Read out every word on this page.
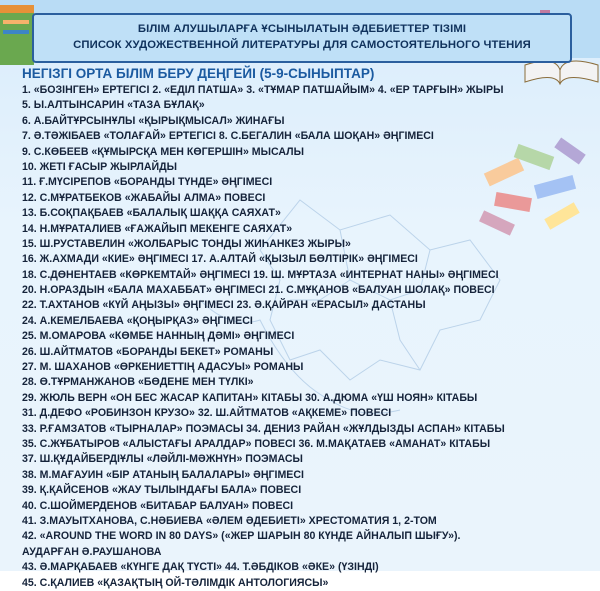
БІЛІМ АЛУШЫЛАРҒА ҰСЫНЫЛАТЫН ӘДЕБИЕТТЕР ТІЗІМІ
СПИСОК ХУДОЖЕСТВЕННОЙ ЛИТЕРАТУРЫ ДЛЯ САМОСТОЯТЕЛЬНОГО ЧТЕНИЯ
НЕГІЗГІ ОРТА БІЛІМ БЕРУ ДЕҢГЕЙІ (5-9-СЫНЫПТАР)
1. «БОЗІНГЕН» ЕРТЕГІСІ 2. «ЕДІЛ ПАТША» 3. «ТҰМАР ПАТШАЙЫМ» 4. «ЕР ТАРҒЫН» ЖЫРЫ
5. Ы.АЛТЫНСАРИН «ТАЗА БҰЛАҚ»
6. А.БАЙТҰРСЫНҰЛЫ «ҚЫРЫҚМЫСАЛ» ЖИНАҒЫ
7. Ә.ТӘЖІБАЕВ «ТОЛАҒАЙ» ЕРТЕГІСІ 8. С.БЕГАЛИН «БАЛА ШОҚАН» ӘҢГІМЕСІ
9. С.КӨБЕЕВ «ҚҰМЫРСҚА МЕН КӨГЕРШІН» МЫСАЛЫ
10. ЖЕТІ ҒАСЫР ЖЫРЛАЙДЫ
11. Ғ.МҮСІРЕПОВ «БОРАНДЫ ТҮНДЕ» ӘҢГІМЕСІ
12. С.МҰРАТБЕКОВ «ЖАБАЙЫ АЛМА» ПОВЕСІ
13. Б.СОҚПАҚБАЕВ «БАЛАЛЫҚ ШАҚҚА САЯХАТ»
14. Н.МҰРАТАЛИЕВ «ҒАЖАЙЫП МЕКЕНГЕ САЯХАТ»
15. Ш.РУСТАВЕЛИН «ЖОЛБАРЫС ТОНДЫ ЖИҺАНКЕЗ ЖЫРЫ»
16. Ж.АХМАДИ «КИЕ» ӘҢГІМЕСІ 17. А.АЛТАЙ «ҚЫЗЫЛ БӨЛТІРІК» ӘҢГІМЕСІ
18. С.ДӨНЕНТАЕВ «КӨРКЕМТАЙ» ӘҢГІМЕСІ 19. Ш. МҰРТАЗА «ИНТЕРНАТ НАНЫ» ӘҢГІМЕСІ
20. Н.ОРАЗДЫН «БАЛА МАХАББАТ» ӘҢГІМЕСІ 21. С.МҰҚАНОВ «БАЛУАН ШОЛАҚ» ПОВЕСІ
22. Т.АХТАНОВ «КҮЙ АҢЫЗЫ» ӘҢГІМЕСІ 23. Ә.ҚАЙРАН «ЕРАСЫЛ» ДАСТАНЫ
24. А.КЕМЕЛБАЕВА «ҚОҢЫРҚАЗ» ӘҢГІМЕСІ
25. М.ОМАРОВА «КӨМБЕ НАННЫҢ ДӘМІ» ӘҢГІМЕСІ
26. Ш.АЙТМАТОВ «БОРАНДЫ БЕКЕТ» РОМАНЫ
27. М. ШАХАНОВ «ӨРКЕНИЕТТІҢ АДАСУЫ» РОМАНЫ
28. Ө.ТҰРМАНЖАНОВ «БӨДЕНЕ МЕН ТҮЛКІ»
29. ЖЮЛЬ ВЕРН «ОН БЕС ЖАСАР КАПИТАН» КІТАБЫ 30. А.ДЮМА «ҮШ НОЯН» КІТАБЫ
31. Д.ДЕФО «РОБИНЗОН КРУЗО» 32. Ш.АЙТМАТОВ «АҚКЕМЕ» ПОВЕСІ
33. Р.ҒАМЗАТОВ «ТЫРНАЛАР» ПОЭМАСЫ 34. ДЕНИЗ РАЙАН «ЖҰЛДЫЗДЫ АСПАН» КІТАБЫ
35. С.ЖҰБАТЫРОВ «АЛЫСТАҒЫ АРАЛДАР» ПОВЕСІ 36. М.МАҚАТАЕВ «АМАНАТ» КІТАБЫ
37. Ш.ҚҰДАЙБЕРДІҰЛЫ «ЛӘЙЛІ-МӘЖНҮН» ПОЭМАСЫ
38. М.МАҒАУИН «БІР АТАНЫҢ БАЛАЛАРЫ» ӘҢГІМЕСІ
39. Қ.ҚАЙСЕНОВ «ЖАУ ТЫЛЫНДАҒЫ БАЛА» ПОВЕСІ
40. С.ШОЙМЕРДЕНОВ «БИТАБАР БАЛУАН» ПОВЕСІ
41. З.МАУЫТХАНОВА, С.НӘБИЕВА «ӘЛЕМ ӘДЕБИЕТІ» ХРЕСТОМАТИЯ 1, 2-ТОМ
42. «AROUND THE WORD IN 80 DAYS» («ЖЕР ШАРЫН 80 КҮНДЕ АЙНАЛЫП ШЫҒУ»).
АУДАРҒАН Ә.РАУШАНОВА
43. Ә.МАРҚАБАЕВ «КҮНГЕ ДАҚ ТҮСТІ» 44. Т.ӘБДІКОВ «ӘКЕ» (ҮЗІНДІ)
45. С.ҚАЛИЕВ «ҚАЗАҚТЫҢ ОЙ-ТӘЛІМДІК АНТОЛОГИЯСЫ»
